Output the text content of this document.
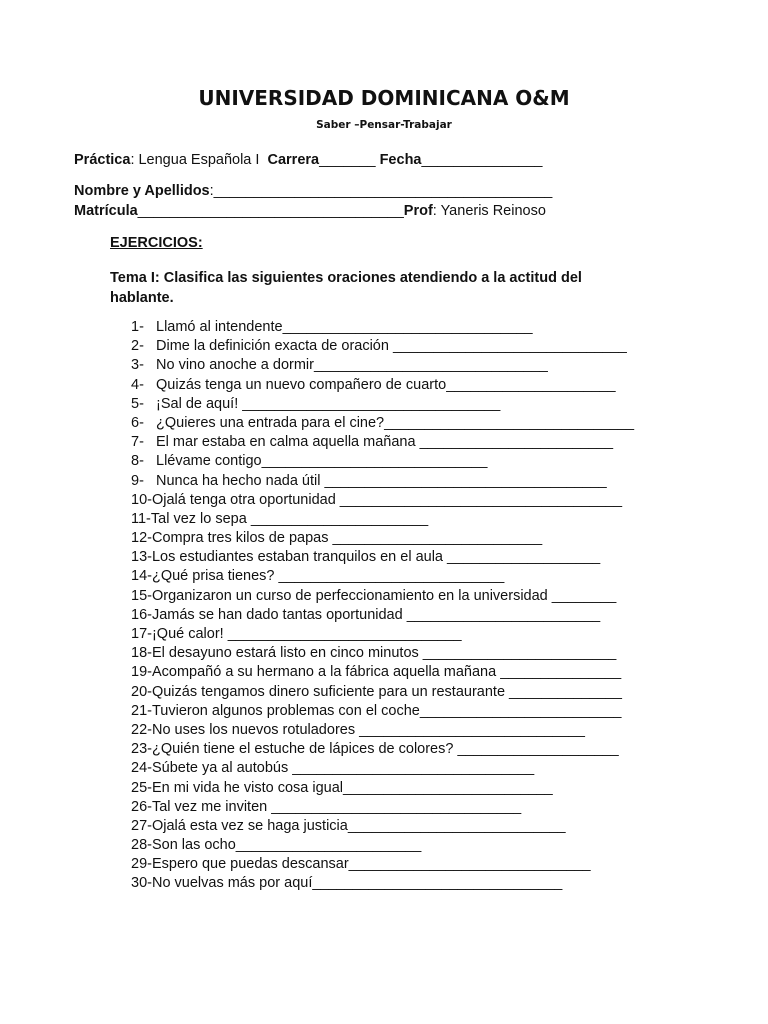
UNIVERSIDAD DOMINICANA O&M
Saber –Pensar-Trabajar
Práctica: Lengua Española I  Carrera_______ Fecha_______________
Nombre y Apellidos:__________________________________________
Matrícula_________________________________Prof: Yaneris Reinoso
EJERCICIOS:
Tema I: Clasifica las siguientes oraciones atendiendo a la actitud del hablante.
1- Llamó al intendente_______________________________
2- Dime la definición exacta de oración _____________________________
3- No vino anoche a dormir_____________________________
4- Quizás tenga un nuevo compañero de cuarto_____________________
5- ¡Sal de aquí! ________________________________
6- ¿Quieres una entrada para el cine?_______________________________
7- El mar estaba en calma aquella mañana ________________________
8- Llévame contigo____________________________
9- Nunca ha hecho nada útil ___________________________________
10-Ojalá tenga otra oportunidad ___________________________________
11-Tal vez lo sepa ______________________
12-Compra tres kilos de papas __________________________
13-Los estudiantes estaban tranquilos en el aula ___________________
14-¿Qué prisa tienes? ____________________________
15-Organizaron un curso de perfeccionamiento en la universidad ________
16-Jamás se han dado tantas oportunidad ________________________
17-¡Qué calor! _____________________________
18-El desayuno estará listo en cinco minutos ________________________
19-Acompañó a su hermano a la fábrica aquella mañana _______________
20-Quizás tengamos dinero suficiente para un restaurante ______________
21-Tuvieron algunos problemas con el coche_________________________
22-No uses los nuevos rotuladores ____________________________
23-¿Quién tiene el estuche de lápices de colores? ____________________
24-Súbete ya al autobús ______________________________
25-En mi vida he visto cosa igual__________________________
26-Tal vez me inviten _______________________________
27-Ojalá esta vez se haga justicia___________________________
28-Son las ocho_______________________
29-Espero que puedas descansar______________________________
30-No vuelvas más por aquí_______________________________
